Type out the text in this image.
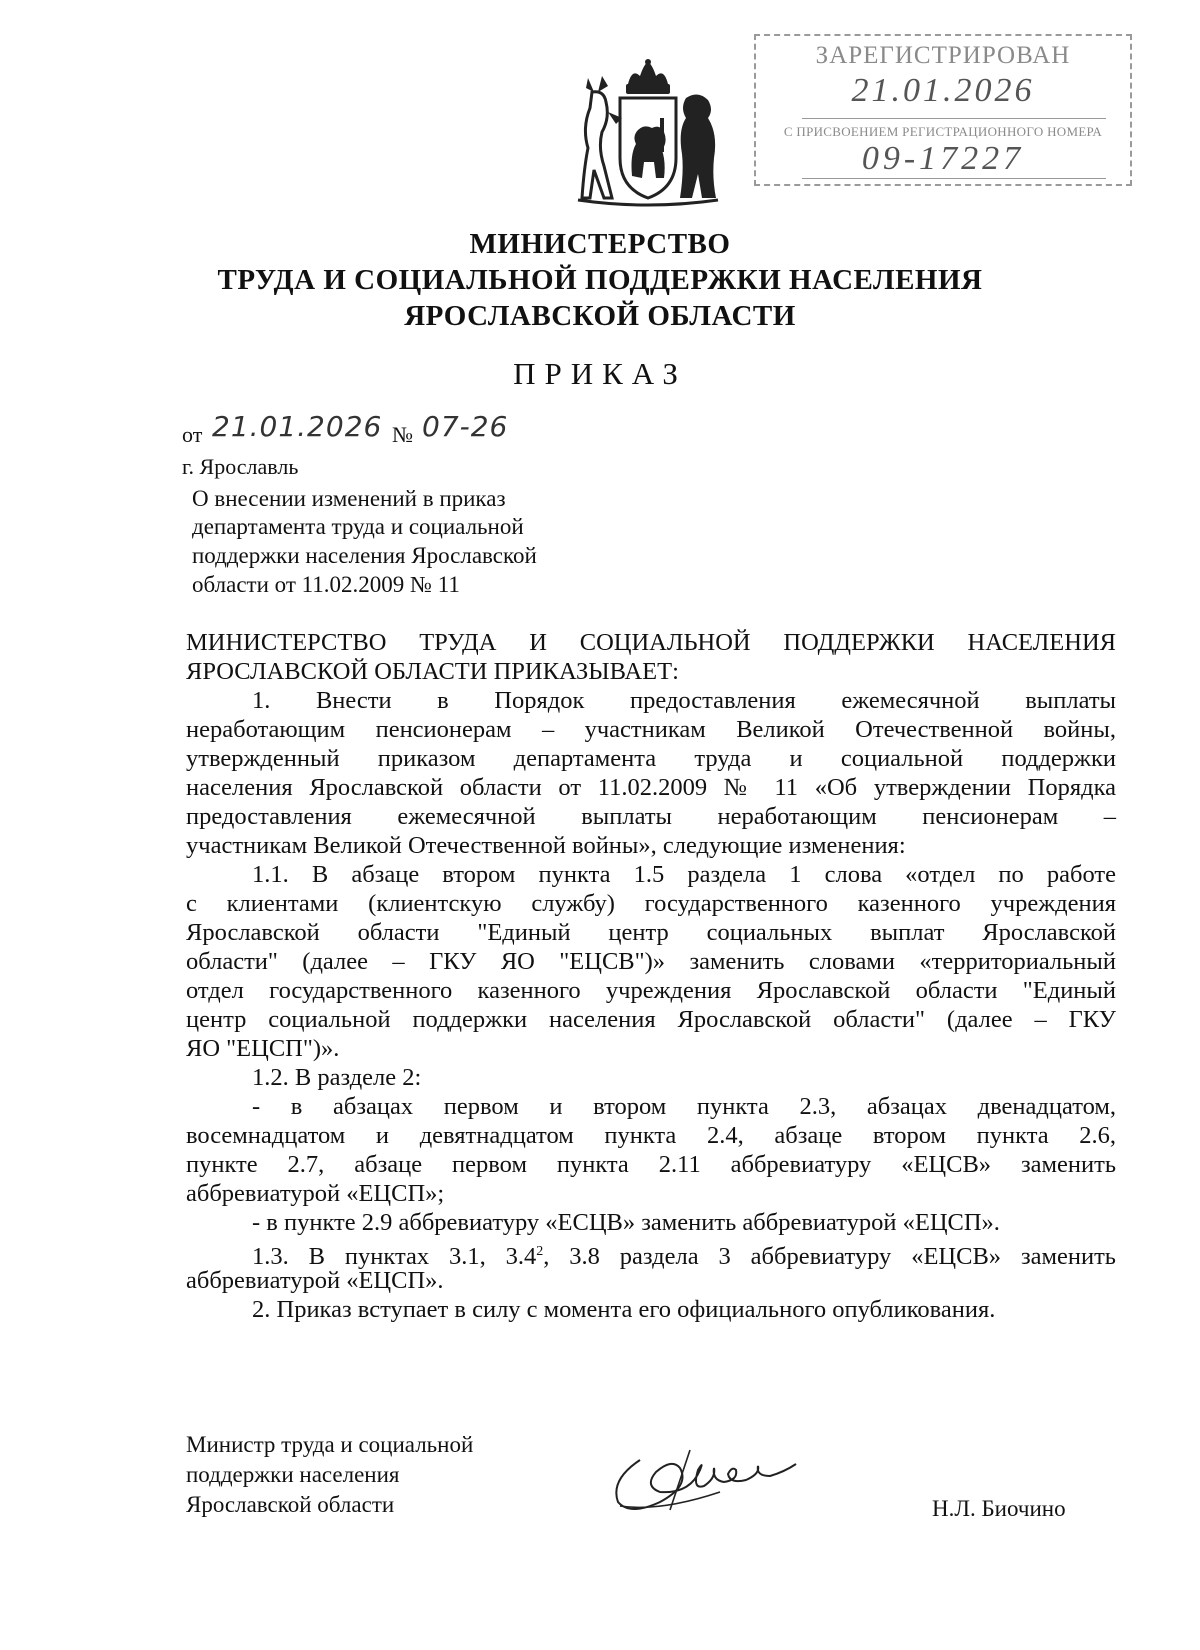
ЗАРЕГИСТРИРОВАН
21.01.2026
С ПРИСВОЕНИЕМ РЕГИСТРАЦИОННОГО НОМЕРА
09-17227
МИНИСТЕРСТВО
ТРУДА И СОЦИАЛЬНОЙ ПОДДЕРЖКИ НАСЕЛЕНИЯ
ЯРОСЛАВСКОЙ ОБЛАСТИ
ПРИКАЗ
от 21.01.2026 № 07-26
г. Ярославль
О внесении изменений в приказ
департамента труда и социальной
поддержки населения Ярославской
области от 11.02.2009 № 11
МИНИСТЕРСТВО ТРУДА И СОЦИАЛЬНОЙ ПОДДЕРЖКИ НАСЕЛЕНИЯ
ЯРОСЛАВСКОЙ ОБЛАСТИ ПРИКАЗЫВАЕТ:
1. Внести в Порядок предоставления ежемесячной выплаты
неработающим пенсионерам – участникам Великой Отечественной войны,
утвержденный приказом департамента труда и социальной поддержки
населения Ярославской области от 11.02.2009 № 11 «Об утверждении Порядка
предоставления ежемесячной выплаты неработающим пенсионерам –
участникам Великой Отечественной войны», следующие изменения:
1.1. В абзаце втором пункта 1.5 раздела 1 слова «отдел по работе
с клиентами (клиентскую службу) государственного казенного учреждения
Ярославской области "Единый центр социальных выплат Ярославской
области" (далее – ГКУ ЯО "ЕЦСВ")» заменить словами «территориальный
отдел государственного казенного учреждения Ярославской области "Единый
центр социальной поддержки населения Ярославской области" (далее – ГКУ
ЯО "ЕЦСП")».
1.2. В разделе 2:
- в абзацах первом и втором пункта 2.3, абзацах двенадцатом,
восемнадцатом и девятнадцатом пункта 2.4, абзаце втором пункта 2.6,
пункте 2.7, абзаце первом пункта 2.11 аббревиатуру «ЕЦСВ» заменить
аббревиатурой «ЕЦСП»;
- в пункте 2.9 аббревиатуру «ЕСЦВ» заменить аббревиатурой «ЕЦСП».
1.3. В пунктах 3.1, $3.4^2$, 3.8 раздела 3 аббревиатуру «ЕЦСВ» заменить
аббревиатурой «ЕЦСП».
2. Приказ вступает в силу с момента его официального опубликования.
Министр труда и социальной
поддержки населения
Ярославской области	Н.Л. Биочино
